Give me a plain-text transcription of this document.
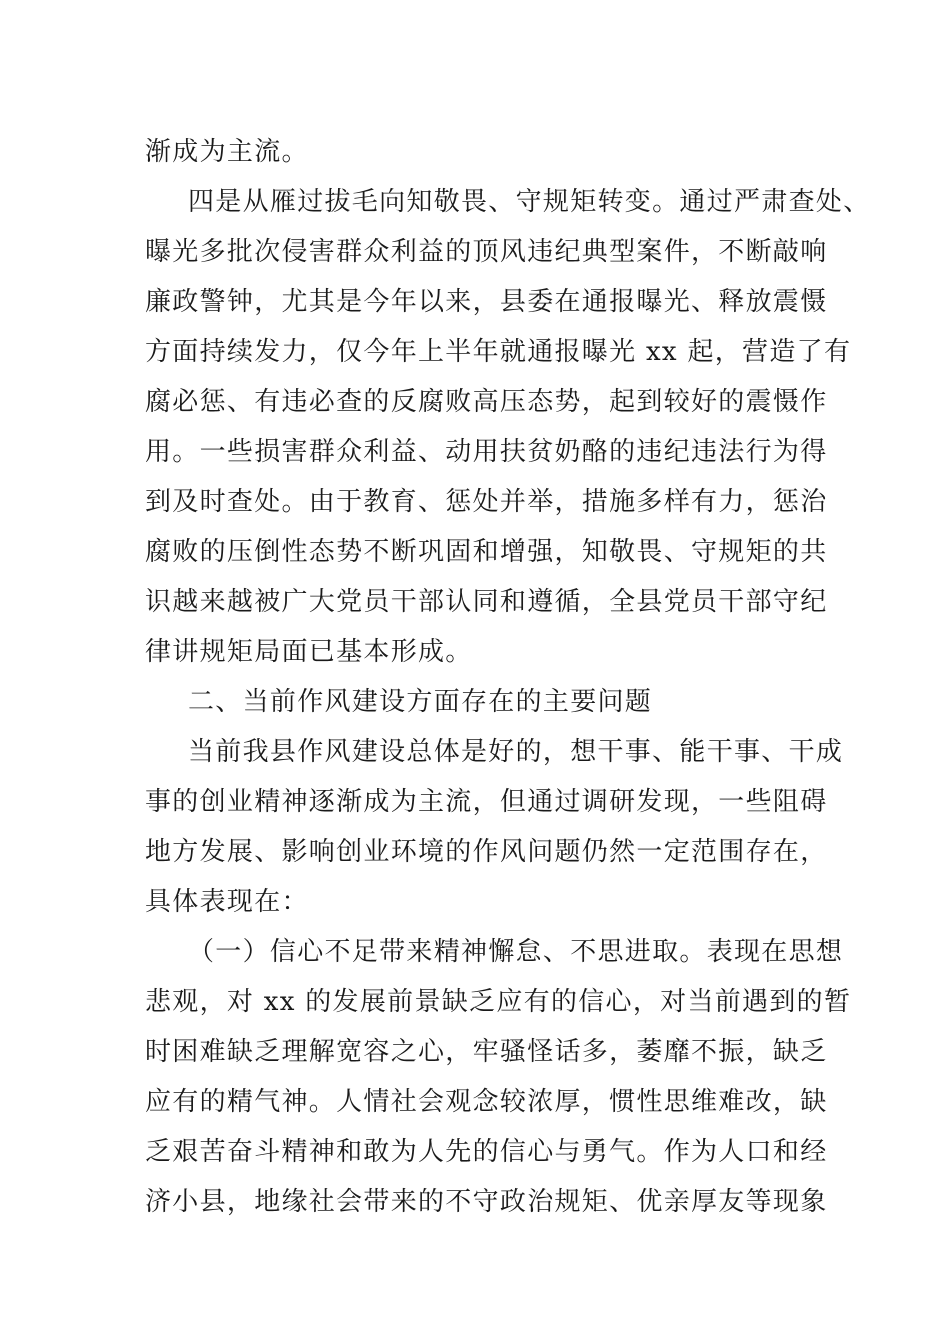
渐成为主流。
四是从雁过拔毛向知敬畏、守规矩转变。通过严肃查处、
曝光多批次侵害群众利益的顶风违纪典型案件，不断敲响
廉政警钟，尤其是今年以来，县委在通报曝光、释放震慑
方面持续发力，仅今年上半年就通报曝光 xx 起，营造了有
腐必惩、有违必查的反腐败高压态势，起到较好的震慑作
用。一些损害群众利益、动用扶贫奶酪的违纪违法行为得
到及时查处。由于教育、惩处并举，措施多样有力，惩治
腐败的压倒性态势不断巩固和增强，知敬畏、守规矩的共
识越来越被广大党员干部认同和遵循，全县党员干部守纪
律讲规矩局面已基本形成。
二、当前作风建设方面存在的主要问题
当前我县作风建设总体是好的，想干事、能干事、干成
事的创业精神逐渐成为主流，但通过调研发现，一些阻碍
地方发展、影响创业环境的作风问题仍然一定范围存在，
具体表现在：
（一）信心不足带来精神懈怠、不思进取。表现在思想
悲观，对 xx 的发展前景缺乏应有的信心，对当前遇到的暂
时困难缺乏理解宽容之心，牢骚怪话多，萎靡不振，缺乏
应有的精气神。人情社会观念较浓厚，惯性思维难改，缺
乏艰苦奋斗精神和敢为人先的信心与勇气。作为人口和经
济小县，地缘社会带来的不守政治规矩、优亲厚友等现象
